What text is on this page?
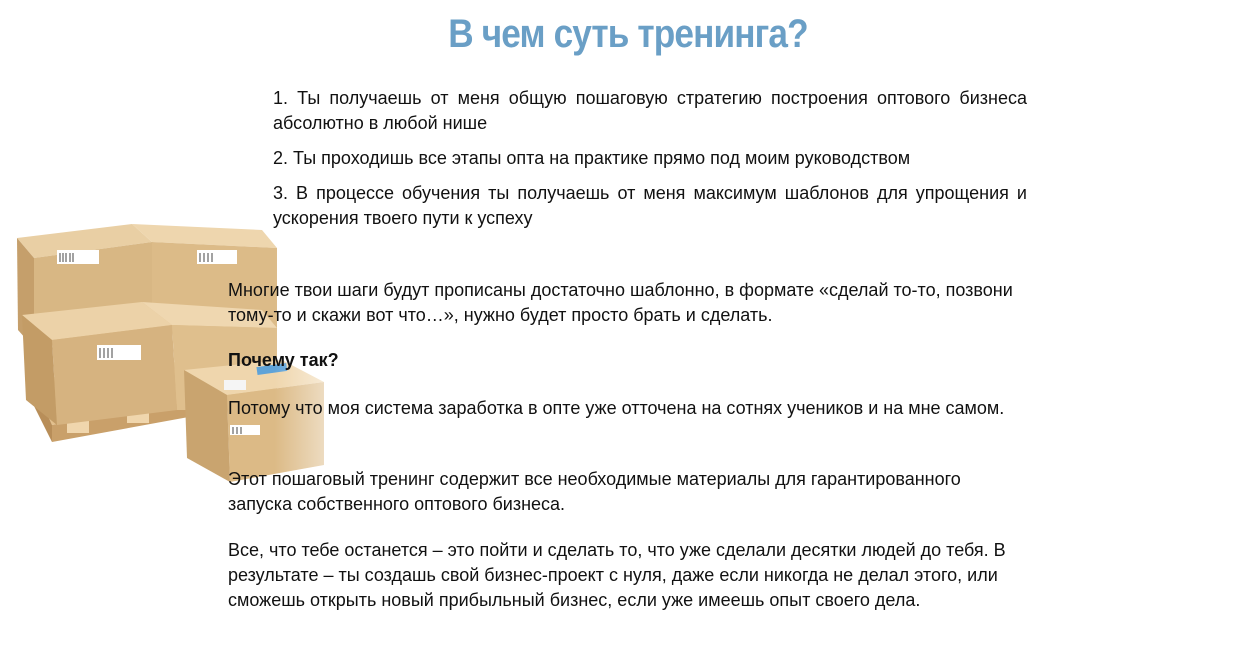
В чем суть тренинга?
1. Ты получаешь от меня общую пошаговую стратегию построения оптового бизнеса абсолютно в любой нише
2. Ты проходишь все этапы опта на практике прямо под моим руководством
3. В процессе обучения ты получаешь от меня максимум шаблонов для упрощения и ускорения твоего пути к успеху

Многие твои шаги будут прописаны достаточно шаблонно, в формате «сделай то-то, позвони тому-то и скажи вот что…», нужно будет просто брать и сделать.

Почему так?

Потому что моя система заработка в опте уже отточена на сотнях учеников и на мне самом.

Этот пошаговый тренинг содержит все необходимые материалы для гарантированного запуска собственного оптового бизнеса.

Все, что тебе останется – это пойти и сделать то, что уже сделали десятки людей до тебя. В результате – ты создашь свой бизнес-проект с нуля, даже если никогда не делал этого, или сможешь открыть новый прибыльный бизнес, если уже имеешь опыт своего дела.
